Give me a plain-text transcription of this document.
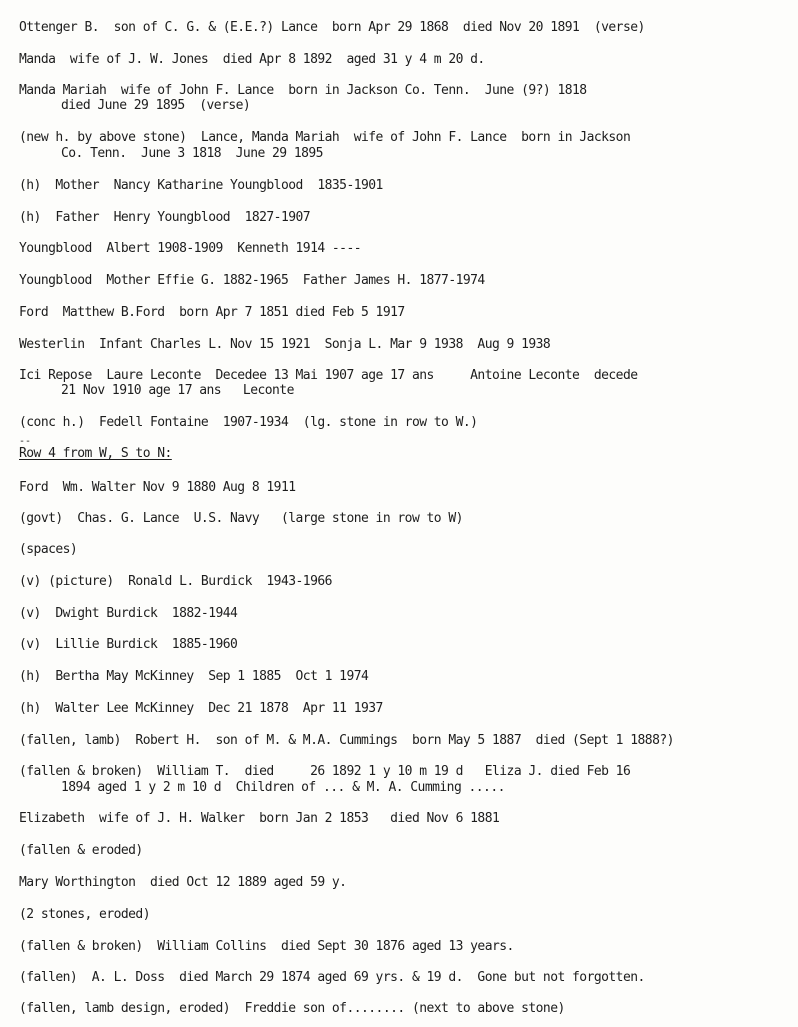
Ottenger B.  son of C. G. & (E.E.?) Lance  born Apr 29 1868  died Nov 20 1891  (verse)

Manda  wife of J. W. Jones  died Apr 8 1892  aged 31 y 4 m 20 d.

Manda Mariah  wife of John F. Lance  born in Jackson Co. Tenn.  June (9?) 1818

died June 29 1895  (verse)

(new h. by above stone)  Lance, Manda Mariah  wife of John F. Lance  born in Jackson

Co. Tenn.  June 3 1818  June 29 1895

(h)  Mother  Nancy Katharine Youngblood  1835-1901

(h)  Father  Henry Youngblood  1827-1907

Youngblood  Albert 1908-1909  Kenneth 1914 ----

Youngblood  Mother Effie G. 1882-1965  Father James H. 1877-1974

Ford  Matthew B.Ford  born Apr 7 1851 died Feb 5 1917

Westerlin  Infant Charles L. Nov 15 1921  Sonja L. Mar 9 1938  Aug 9 1938

Ici Repose  Laure Leconte  Decedee 13 Mai 1907 age 17 ans     Antoine Leconte  decede

21 Nov 1910 age 17 ans   Leconte

(conc h.)  Fedell Fontaine  1907-1934  (lg. stone in row to W.)

--

Row 4 from W, S to N:

Ford  Wm. Walter Nov 9 1880 Aug 8 1911

(govt)  Chas. G. Lance  U.S. Navy   (large stone in row to W)

(spaces)

(v) (picture)  Ronald L. Burdick  1943-1966

(v)  Dwight Burdick  1882-1944

(v)  Lillie Burdick  1885-1960

(h)  Bertha May McKinney  Sep 1 1885  Oct 1 1974

(h)  Walter Lee McKinney  Dec 21 1878  Apr 11 1937

(fallen, lamb)  Robert H.  son of M. & M.A. Cummings  born May 5 1887  died (Sept 1 1888?)

(fallen & broken)  William T.  died     26 1892 1 y 10 m 19 d   Eliza J. died Feb 16

1894 aged 1 y 2 m 10 d  Children of ... & M. A. Cumming .....

Elizabeth  wife of J. H. Walker  born Jan 2 1853   died Nov 6 1881

(fallen & eroded)

Mary Worthington  died Oct 12 1889 aged 59 y.

(2 stones, eroded)

(fallen & broken)  William Collins  died Sept 30 1876 aged 13 years.

(fallen)  A. L. Doss  died March 29 1874 aged 69 yrs. & 19 d.  Gone but not forgotten.

(fallen, lamb design, eroded)  Freddie son of........ (next to above stone)
